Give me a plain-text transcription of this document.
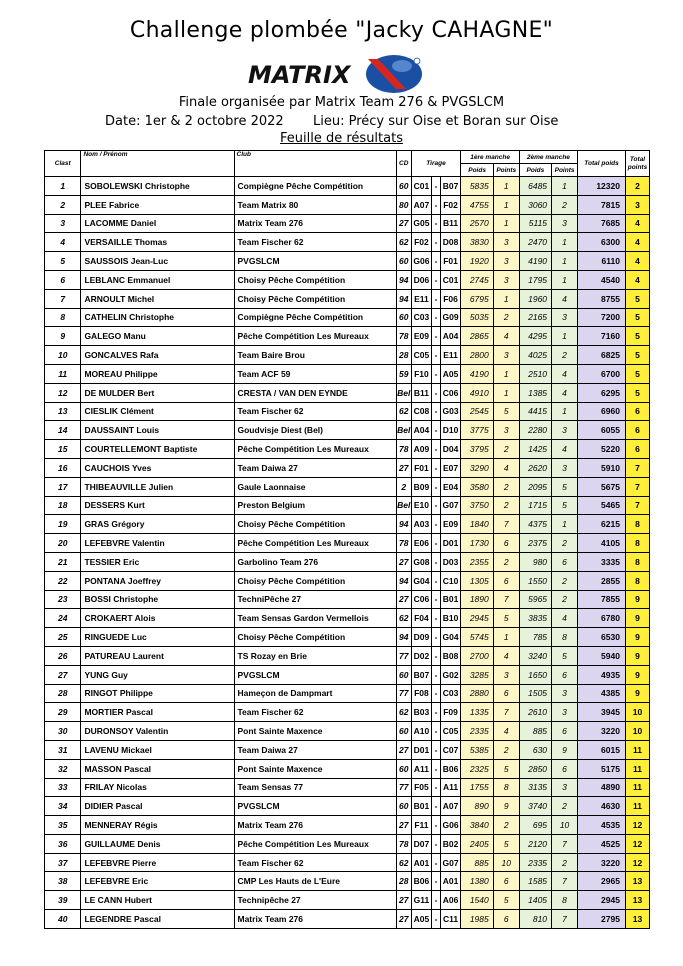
Challenge plombée "Jacky CAHAGNE"
MATRIX
Finale organisée par Matrix Team 276 & PVGSLCM
Date: 1er & 2 octobre 2022 Lieu: Précy sur Oise et Boran sur Oise
Feuille de résultats
Clast	Nom / Prénom	Club	CD	Tirage			1ère manche		2ème manche		Total poids	Total points
							Poids	Points	Poids	Points		
1	SOBOLEWSKI Christophe	Compiègne Pêche Compétition	60	C01	-	B07	5835	1	6485	1	12320	2
2	PLEE Fabrice	Team Matrix 80	80	A07	-	F02	4755	1	3060	2	7815	3
3	LACOMME Daniel	Matrix Team 276	27	G05	-	B11	2570	1	5115	3	7685	4
4	VERSAILLE Thomas	Team Fischer 62	62	F02	-	D08	3830	3	2470	1	6300	4
5	SAUSSOIS Jean-Luc	PVGSLCM	60	G06	-	F01	1920	3	4190	1	6110	4
6	LEBLANC Emmanuel	Choisy Pêche Compétition	94	D06	-	C01	2745	3	1795	1	4540	4
7	ARNOULT Michel	Choisy Pêche Compétition	94	E11	-	F06	6795	1	1960	4	8755	5
8	CATHELIN Christophe	Compiègne Pêche Compétition	60	C03	-	G09	5035	2	2165	3	7200	5
9	GALEGO Manu	Pêche Compétition Les Mureaux	78	E09	-	A04	2865	4	4295	1	7160	5
10	GONCALVES Rafa	Team Baire Brou	28	C05	-	E11	2800	3	4025	2	6825	5
11	MOREAU Philippe	Team ACF 59	59	F10	-	A05	4190	1	2510	4	6700	5
12	DE MULDER Bert	CRESTA / VAN DEN EYNDE	Bel	B11	-	C06	4910	1	1385	4	6295	5
13	CIESLIK Clément	Team Fischer 62	62	C08	-	G03	2545	5	4415	1	6960	6
14	DAUSSAINT Louis	Goudvisje Diest (Bel)	Bel	A04	-	D10	3775	3	2280	3	6055	6
15	COURTELLEMONT Baptiste	Pêche Compétition Les Mureaux	78	A09	-	D04	3795	2	1425	4	5220	6
16	CAUCHOIS Yves	Team Daiwa 27	27	F01	-	E07	3290	4	2620	3	5910	7
17	THIBEAUVILLE Julien	Gaule Laonnaise	2	B09	-	E04	3580	2	2095	5	5675	7
18	DESSERS Kurt	Preston Belgium	Bel	E10	-	G07	3750	2	1715	5	5465	7
19	GRAS Grégory	Choisy Pêche Compétition	94	A03	-	E09	1840	7	4375	1	6215	8
20	LEFEBVRE Valentin	Pêche Compétition Les Mureaux	78	E06	-	D01	1730	6	2375	2	4105	8
21	TESSIER Eric	Garbolino Team 276	27	G08	-	D03	2355	2	980	6	3335	8
22	PONTANA Joeffrey	Choisy Pêche Compétition	94	G04	-	C10	1305	6	1550	2	2855	8
23	BOSSI Christophe	TechniPêche 27	27	C06	-	B01	1890	7	5965	2	7855	9
24	CROKAERT Alois	Team Sensas Gardon Vermellois	62	F04	-	B10	2945	5	3835	4	6780	9
25	RINGUEDE Luc	Choisy Pêche Compétition	94	D09	-	G04	5745	1	785	8	6530	9
26	PATUREAU Laurent	TS Rozay en Brie	77	D02	-	B08	2700	4	3240	5	5940	9
27	YUNG Guy	PVGSLCM	60	B07	-	G02	3285	3	1650	6	4935	9
28	RINGOT Philippe	Hameçon de Dampmart	77	F08	-	C03	2880	6	1505	3	4385	9
29	MORTIER Pascal	Team Fischer 62	62	B03	-	F09	1335	7	2610	3	3945	10
30	DURONSOY Valentin	Pont Sainte Maxence	60	A10	-	C05	2335	4	885	6	3220	10
31	LAVENU Mickael	Team Daiwa 27	27	D01	-	C07	5385	2	630	9	6015	11
32	MASSON Pascal	Pont Sainte Maxence	60	A11	-	B06	2325	5	2850	6	5175	11
33	FRILAY Nicolas	Team Sensas 77	77	F05	-	A11	1755	8	3135	3	4890	11
34	DIDIER Pascal	PVGSLCM	60	B01	-	A07	890	9	3740	2	4630	11
35	MENNERAY Régis	Matrix Team 276	27	F11	-	G06	3840	2	695	10	4535	12
36	GUILLAUME Denis	Pêche Compétition Les Mureaux	78	D07	-	B02	2405	5	2120	7	4525	12
37	LEFEBVRE Pierre	Team Fischer 62	62	A01	-	G07	885	10	2335	2	3220	12
38	LEFEBVRE Eric	CMP Les Hauts de L'Eure	28	B06	-	A01	1380	6	1585	7	2965	13
39	LE CANN Hubert	Technipêche 27	27	G11	-	A06	1540	5	1405	8	2945	13
40	LEGENDRE Pascal	Matrix Team 276	27	A05	-	C11	1985	6	810	7	2795	13
